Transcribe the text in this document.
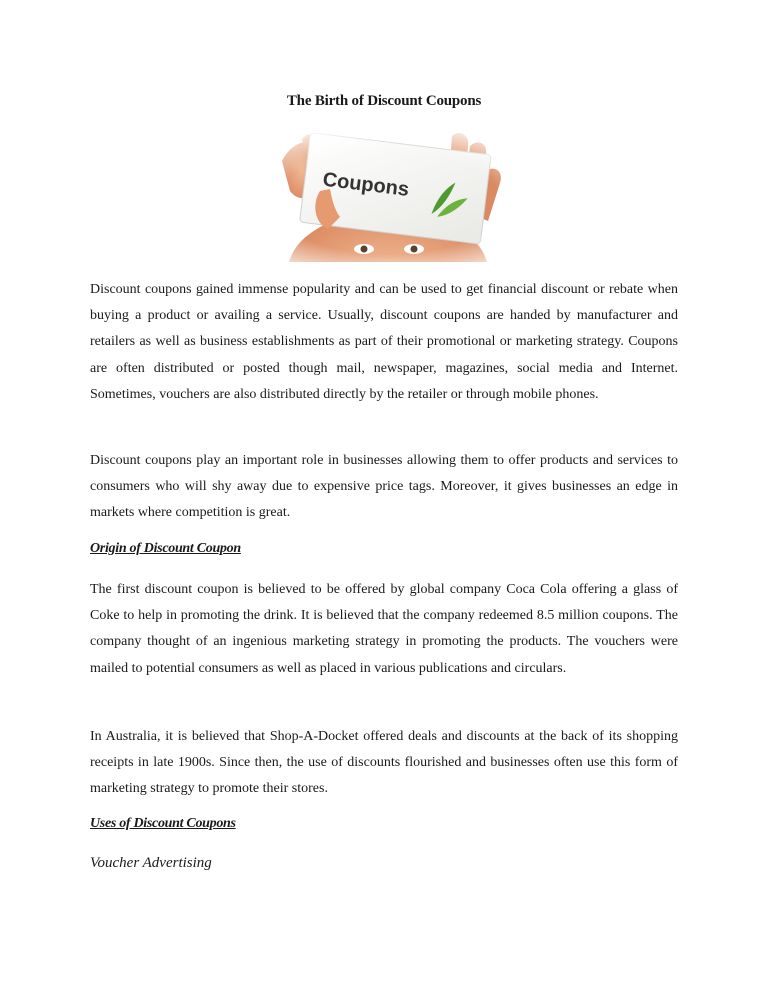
The Birth of Discount Coupons

Discount coupons gained immense popularity and can be used to get financial discount or rebate when buying a product or availing a service. Usually, discount coupons are handed by manufacturer and retailers as well as business establishments as part of their promotional or marketing strategy. Coupons are often distributed or posted though mail, newspaper, magazines, social media and Internet. Sometimes, vouchers are also distributed directly by the retailer or through mobile phones.

Discount coupons play an important role in businesses allowing them to offer products and services to consumers who will shy away due to expensive price tags. Moreover, it gives businesses an edge in markets where competition is great.

Origin of Discount Coupon

The first discount coupon is believed to be offered by global company Coca Cola offering a glass of Coke to help in promoting the drink. It is believed that the company redeemed 8.5 million coupons. The company thought of an ingenious marketing strategy in promoting the products. The vouchers were mailed to potential consumers as well as placed in various publications and circulars.

In Australia, it is believed that Shop-A-Docket offered deals and discounts at the back of its shopping receipts in late 1900s. Since then, the use of discounts flourished and businesses often use this form of marketing strategy to promote their stores.

Uses of Discount Coupons

Voucher Advertising
